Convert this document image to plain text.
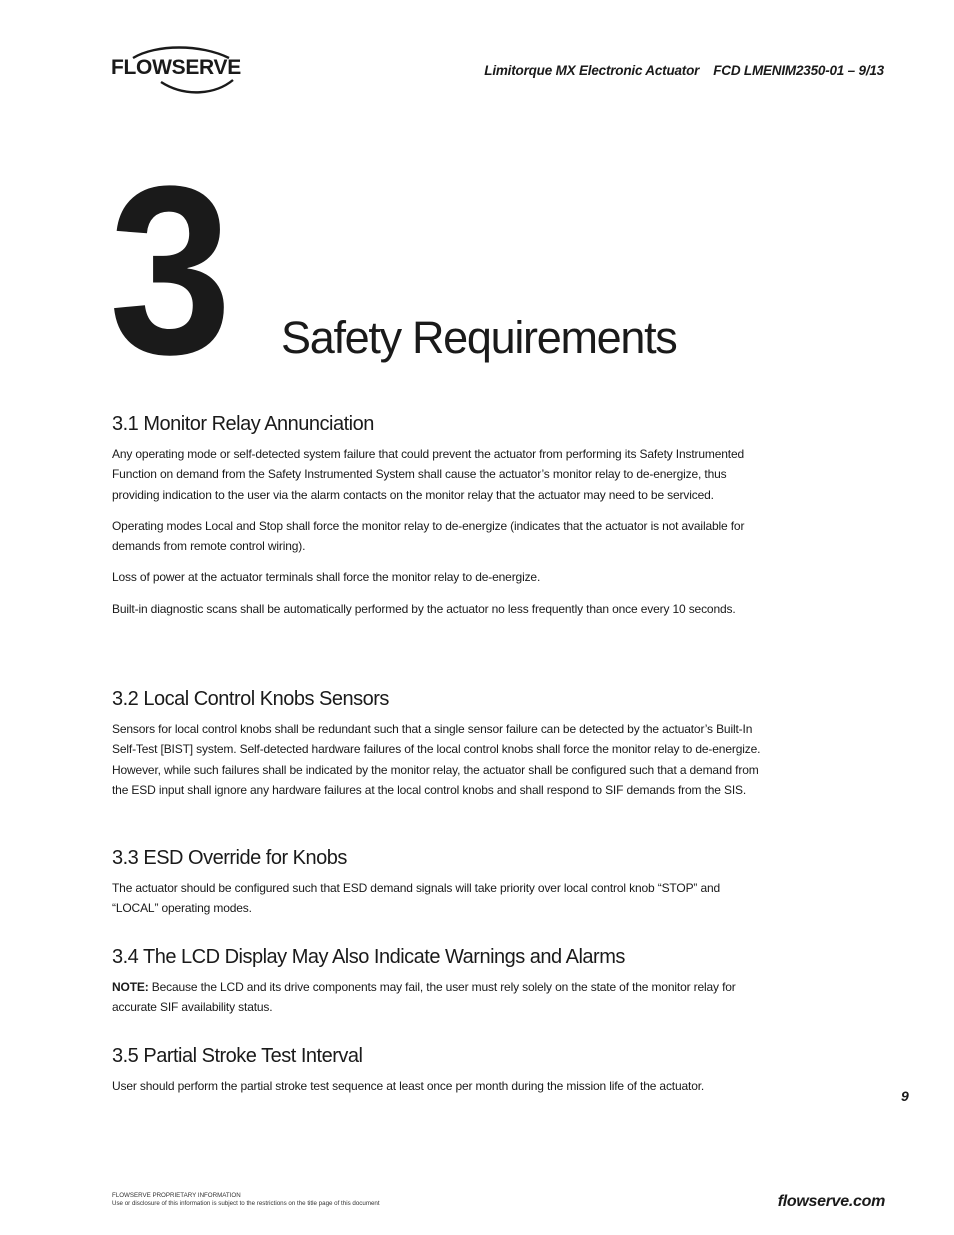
FLOWSERVE	Limitorque MX Electronic Actuator FCD LMENIM2350-01 – 9/13
3 Safety Requirements
3.1 Monitor Relay Annunciation

Any operating mode or self-detected system failure that could prevent the actuator from performing its Safety Instrumented Function on demand from the Safety Instrumented System shall cause the actuator’s monitor relay to de-energize, thus providing indication to the user via the alarm contacts on the monitor relay that the actuator may need to be serviced.

Operating modes Local and Stop shall force the monitor relay to de-energize (indicates that the actuator is not available for demands from remote control wiring).

Loss of power at the actuator terminals shall force the monitor relay to de-energize.

Built-in diagnostic scans shall be automatically performed by the actuator no less frequently than once every 10 seconds.

3.2 Local Control Knobs Sensors

Sensors for local control knobs shall be redundant such that a single sensor failure can be detected by the actuator’s Built-In Self-Test [BIST] system. Self-detected hardware failures of the local control knobs shall force the monitor relay to de-energize. However, while such failures shall be indicated by the monitor relay, the actuator shall be configured such that a demand from the ESD input shall ignore any hardware failures at the local control knobs and shall respond to SIF demands from the SIS.

3.3 ESD Override for Knobs

The actuator should be configured such that ESD demand signals will take priority over local control knob “STOP” and “LOCAL” operating modes.

3.4 The LCD Display May Also Indicate Warnings and Alarms

NOTE: Because the LCD and its drive components may fail, the user must rely solely on the state of the monitor relay for accurate SIF availability status.

3.5 Partial Stroke Test Interval

User should perform the partial stroke test sequence at least once per month during the mission life of the actuator.

9
FLOWSERVE PROPRIETARY INFORMATION
Use or disclosure of this information is subject to the restrictions on the title page of this document	flowserve.com
